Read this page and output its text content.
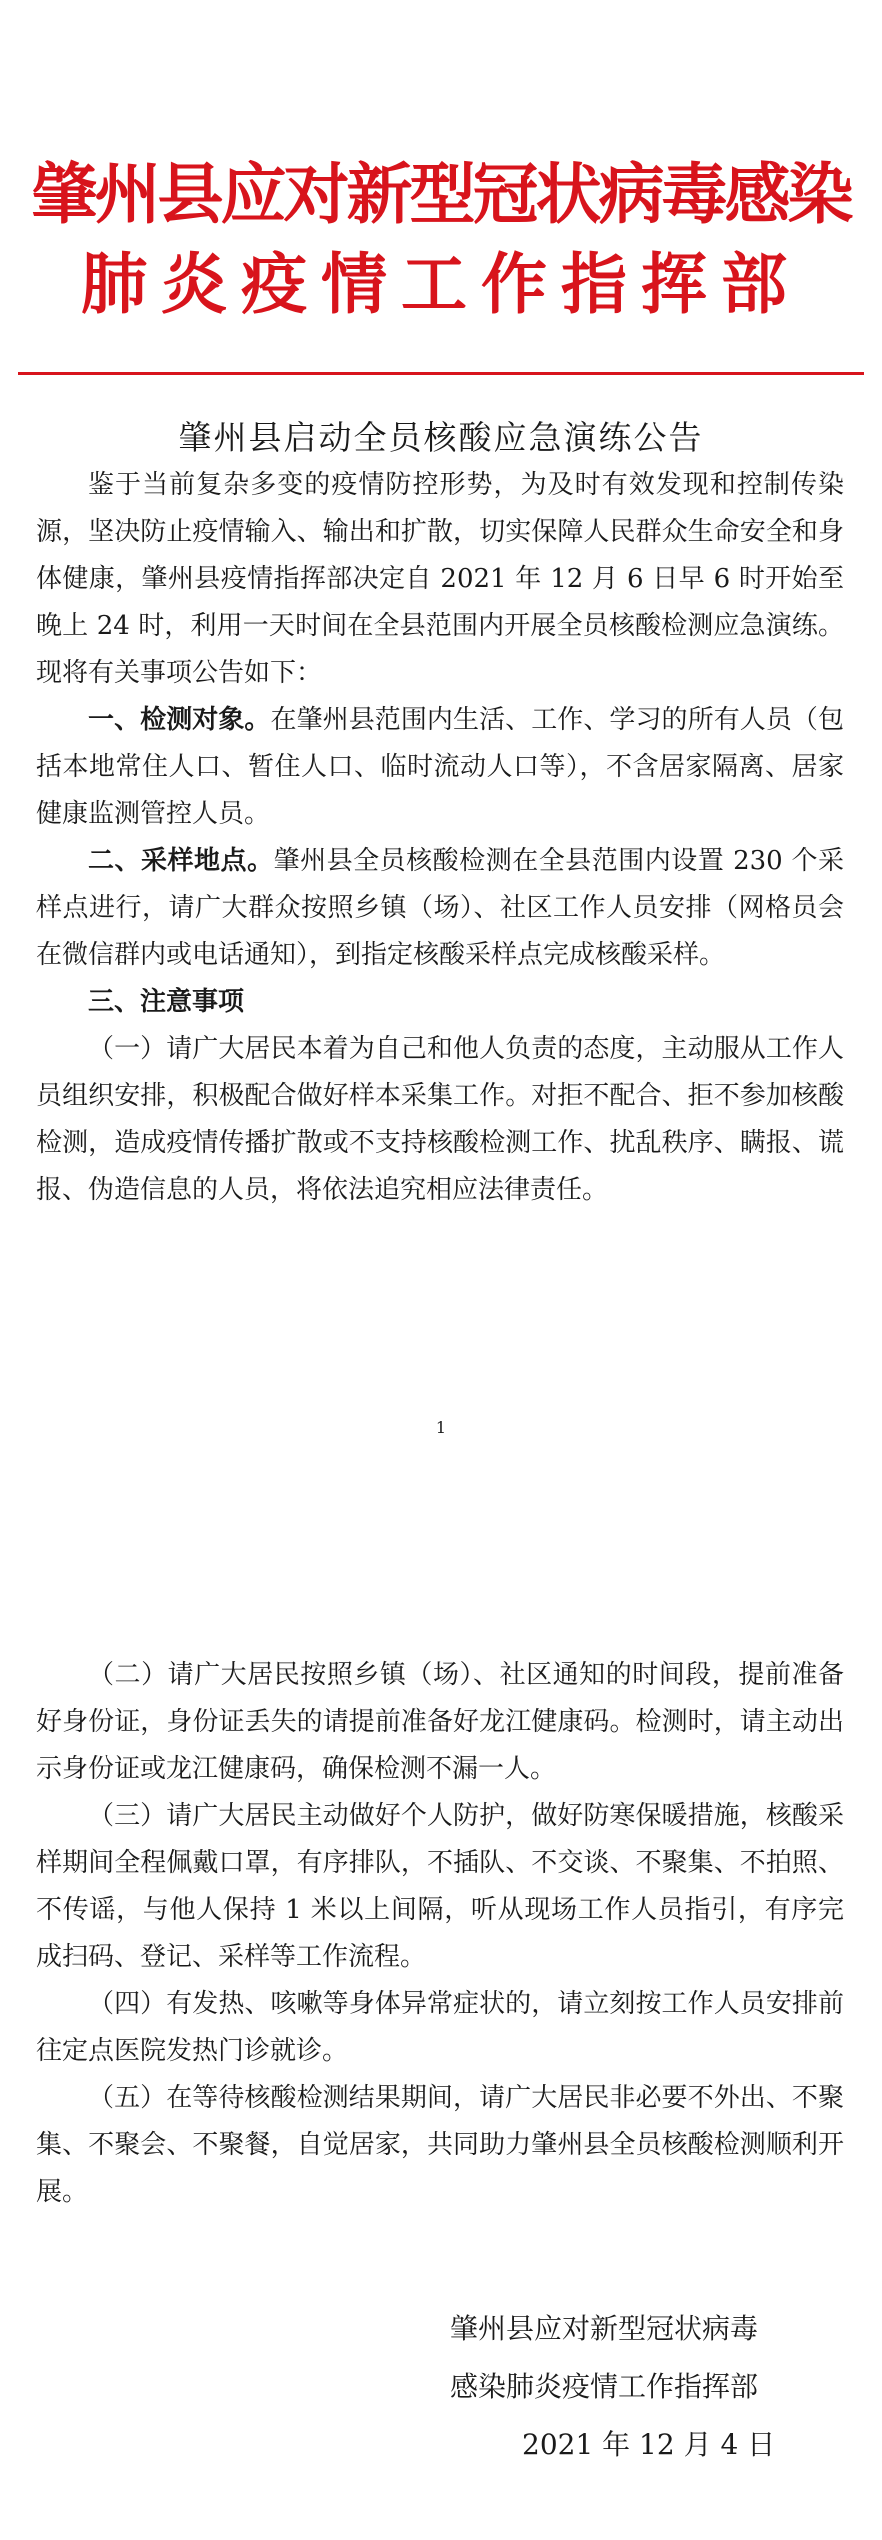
肇州县应对新型冠状病毒感染
肺炎疫情工作指挥部
肇州县启动全员核酸应急演练公告

鉴于当前复杂多变的疫情防控形势，为及时有效发现和控制传染源，坚决防止疫情输入、输出和扩散，切实保障人民群众生命安全和身体健康，肇州县疫情指挥部决定自 2021 年 12 月 6 日早 6 时开始至晚上 24 时，利用一天时间在全县范围内开展全员核酸检测应急演练。现将有关事项公告如下：

一、检测对象。在肇州县范围内生活、工作、学习的所有人员（包括本地常住人口、暂住人口、临时流动人口等），不含居家隔离、居家健康监测管控人员。

二、采样地点。肇州县全员核酸检测在全县范围内设置 230 个采样点进行，请广大群众按照乡镇（场）、社区工作人员安排（网格员会在微信群内或电话通知），到指定核酸采样点完成核酸采样。

三、注意事项

（一）请广大居民本着为自己和他人负责的态度，主动服从工作人员组织安排，积极配合做好样本采集工作。对拒不配合、拒不参加核酸检测，造成疫情传播扩散或不支持核酸检测工作、扰乱秩序、瞒报、谎报、伪造信息的人员，将依法追究相应法律责任。

1

（二）请广大居民按照乡镇（场）、社区通知的时间段，提前准备好身份证，身份证丢失的请提前准备好龙江健康码。检测时，请主动出示身份证或龙江健康码，确保检测不漏一人。

（三）请广大居民主动做好个人防护，做好防寒保暖措施，核酸采样期间全程佩戴口罩，有序排队，不插队、不交谈、不聚集、不拍照、不传谣，与他人保持 1 米以上间隔，听从现场工作人员指引，有序完成扫码、登记、采样等工作流程。

（四）有发热、咳嗽等身体异常症状的，请立刻按工作人员安排前往定点医院发热门诊就诊。

（五）在等待核酸检测结果期间，请广大居民非必要不外出、不聚集、不聚会、不聚餐，自觉居家，共同助力肇州县全员核酸检测顺利开展。

肇州县应对新型冠状病毒
感染肺炎疫情工作指挥部
2021 年 12 月 4 日
